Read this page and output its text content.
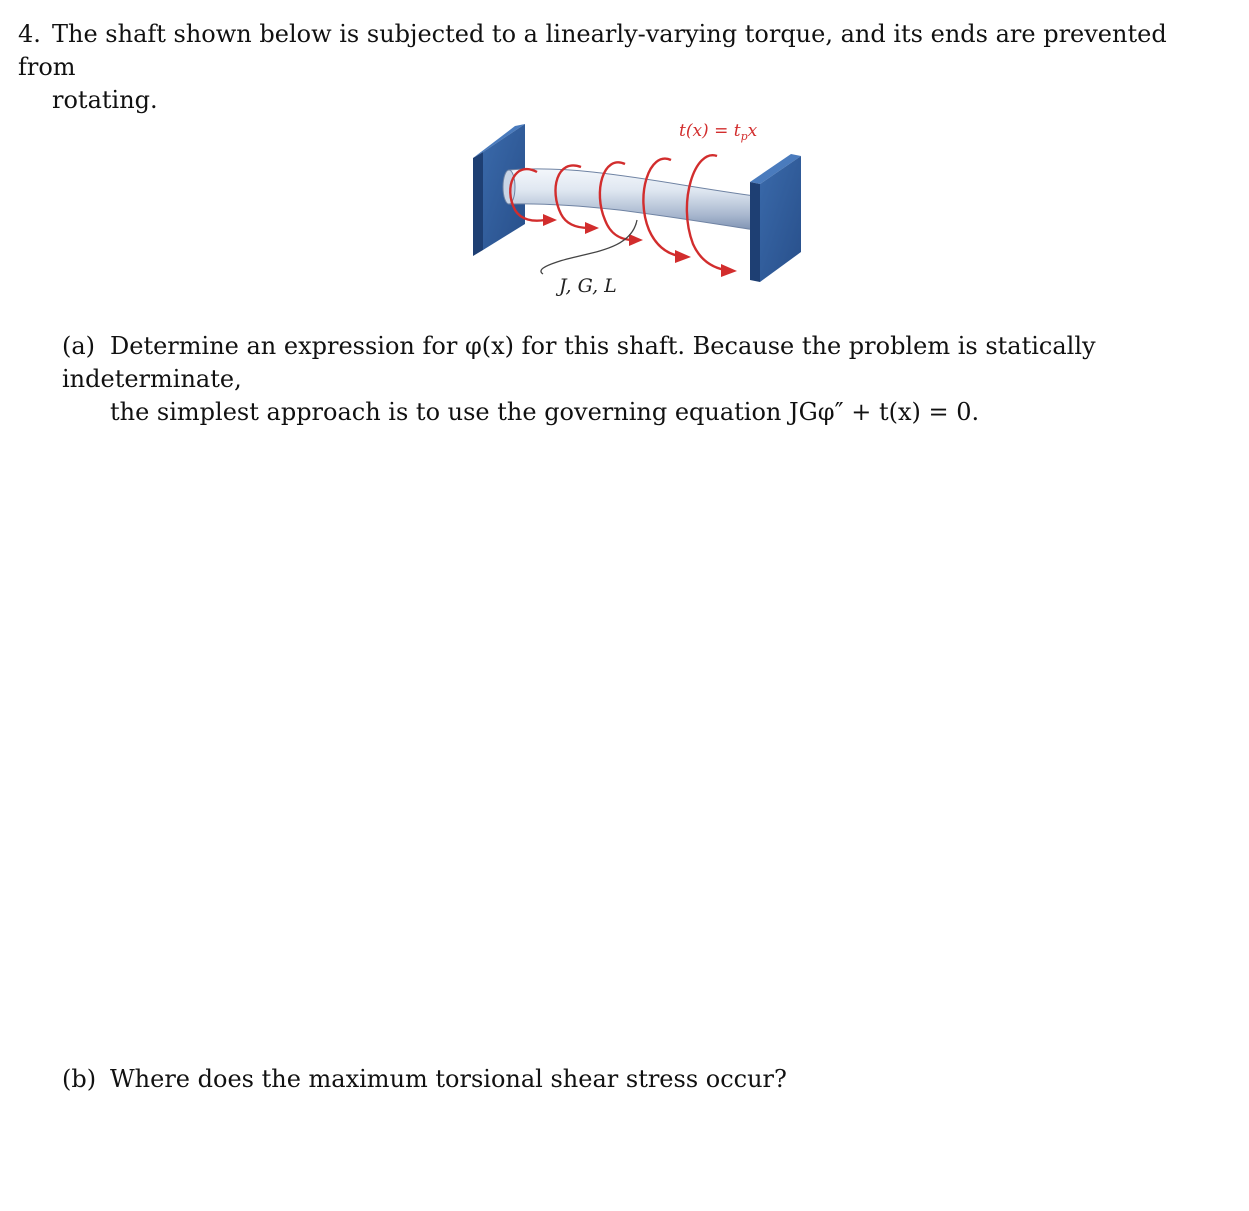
4. The shaft shown below is subjected to a linearly-varying torque, and its ends are prevented from
rotating.
$t(x) = t_px$
J, G, L
(a) Determine an expression for φ(x) for this shaft. Because the problem is statically indeterminate,
the simplest approach is to use the governing equation JGφ″ + t(x) = 0.
(b) Where does the maximum torsional shear stress occur?
